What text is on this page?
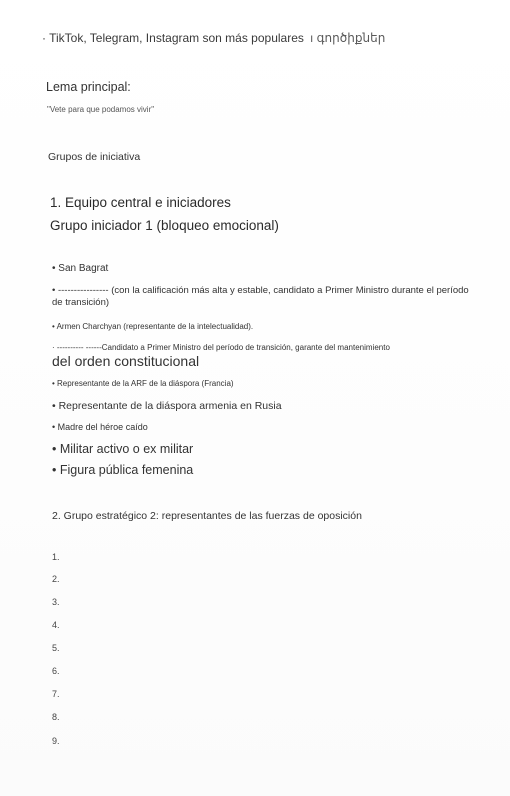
· TikTok, Telegram, Instagram son más populares ı գործիքներ
Lema principal:
"Vete para que podamos vivir"
Grupos de iniciativa
1. Equipo central e iniciadores
Grupo iniciador 1 (bloqueo emocional)
• San Bagrat
• ---------------- (con la calificación más alta y estable, candidato a Primer Ministro durante el período de transición)
• Armen Charchyan (representante de la intelectualidad).
· ---------- ------Candidato a Primer Ministro del período de transición, garante del mantenimiento
del orden constitucional
• Representante de la ARF de la diáspora (Francia)
• Representante de la diáspora armenia en Rusia
• Madre del héroe caído
• Militar activo o ex militar
• Figura pública femenina
2. Grupo estratégico 2: representantes de las fuerzas de oposición
1.
2.
3.
4.
5.
6.
7.
8.
9.
